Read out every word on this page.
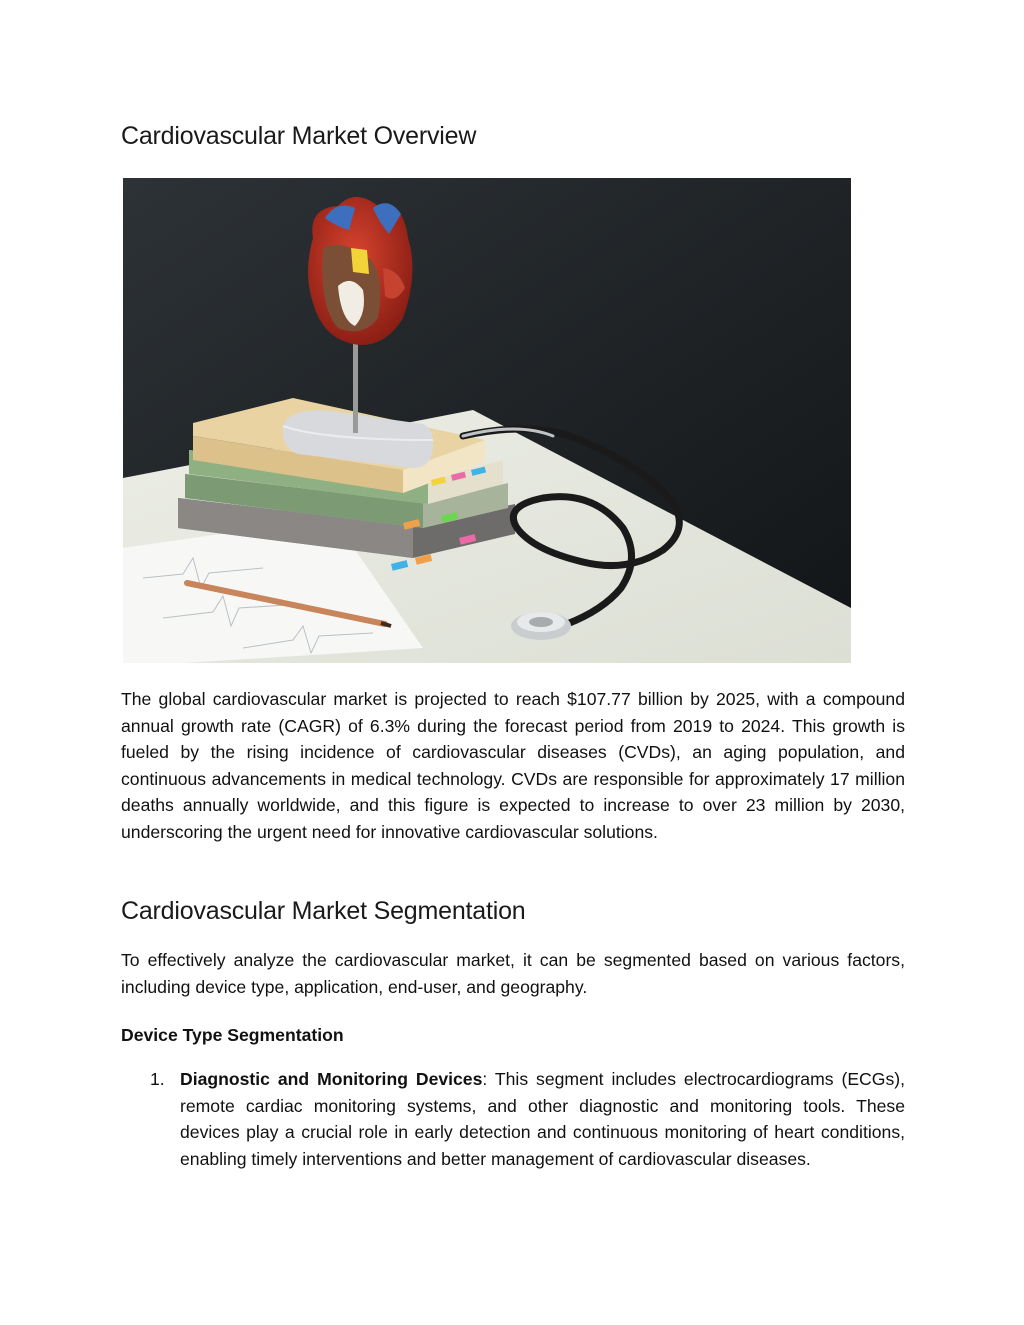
Cardiovascular Market Overview

The global cardiovascular market is projected to reach $107.77 billion by 2025, with a compound annual growth rate (CAGR) of 6.3% during the forecast period from 2019 to 2024. This growth is fueled by the rising incidence of cardiovascular diseases (CVDs), an aging population, and continuous advancements in medical technology. CVDs are responsible for approximately 17 million deaths annually worldwide, and this figure is expected to increase to over 23 million by 2030, underscoring the urgent need for innovative cardiovascular solutions.

Cardiovascular Market Segmentation

To effectively analyze the cardiovascular market, it can be segmented based on various factors, including device type, application, end-user, and geography.

Device Type Segmentation
1. Diagnostic and Monitoring Devices: This segment includes electrocardiograms (ECGs), remote cardiac monitoring systems, and other diagnostic and monitoring tools. These devices play a crucial role in early detection and continuous monitoring of heart conditions, enabling timely interventions and better management of cardiovascular diseases.
